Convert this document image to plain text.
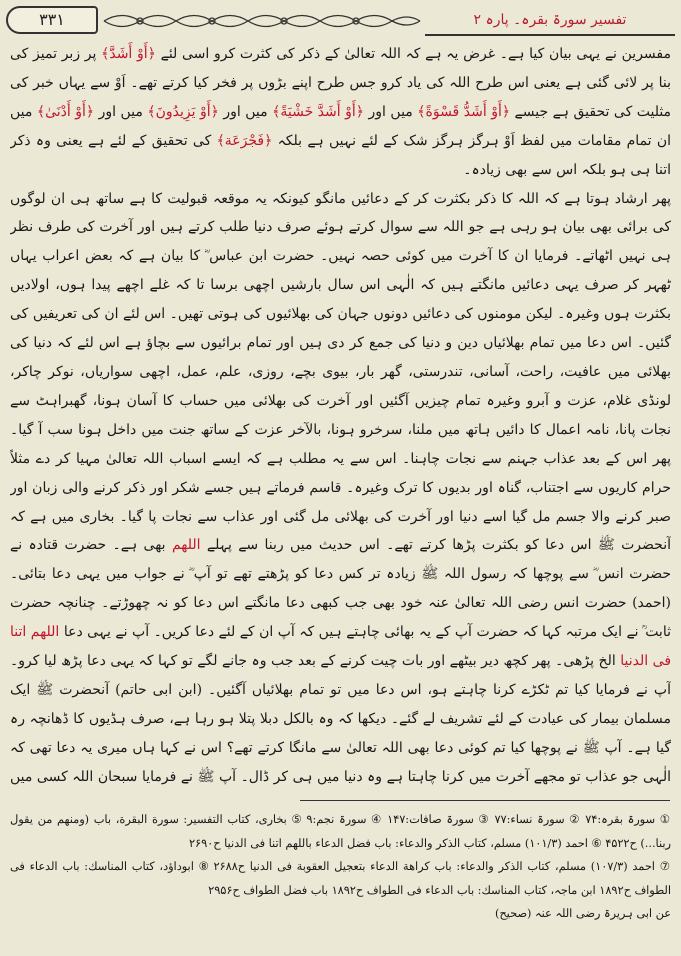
۳۳۱	تفسیر سورۃ بقرہ۔ پارہ ۲

مفسرین نے یہی بیان کیا ہے۔ غرض یہ ہے کہ اللہ تعالیٰ کے ذکر کی کثرت کرو اسی لئے ﴿أَوْ أَشَدَّ﴾ پر زبر تمیز کی بنا پر لائی گئی ہے یعنی اس طرح اللہ کی یاد کرو جس طرح اپنے بڑوں پر فخر کیا کرتے تھے۔ اَوْ سے یہاں خبر کی مثلیت کی تحقیق ہے جیسے ﴿أَوْ أَشَدُّ قَسْوَةً﴾ میں اور ﴿أَوْ أَشَدَّ خَشْيَةً﴾ میں اور ﴿أَوْ يَزِيدُونَ﴾ میں اور ﴿أَوْ أَدْنَىٰ﴾ میں ان تمام مقامات میں لفظ اَوْ ہرگز ہرگز شک کے لئے نہیں ہے بلکہ ﴿فَجْرَعَة﴾ کی تحقیق کے لئے ہے یعنی وہ ذکر اتنا ہی ہو بلکہ اس سے بھی زیادہ۔

پھر ارشاد ہوتا ہے کہ اللہ کا ذکر بکثرت کر کے دعائیں مانگو کیونکہ یہ موقعہ قبولیت کا ہے ساتھ ہی ان لوگوں کی برائی بھی بیان ہو رہی ہے جو اللہ سے سوال کرتے ہوئے صرف دنیا طلب کرتے ہیں اور آخرت کی طرف نظر ہی نہیں اٹھاتے۔ فرمایا ان کا آخرت میں کوئی حصہ نہیں۔ حضرت ابن عباس ؓ کا بیان ہے کہ بعض اعراب یہاں ٹھہر کر صرف یہی دعائیں مانگتے ہیں کہ الٰہی اس سال بارشیں اچھی برسا تا کہ غلے اچھے پیدا ہوں، اولادیں بکثرت ہوں وغیرہ۔ لیکن مومنوں کی دعائیں دونوں جہان کی بھلائیوں کی ہوتی تھیں۔ اس لئے ان کی تعریفیں کی گئیں۔ اس دعا میں تمام بھلائیاں دین و دنیا کی جمع کر دی ہیں اور تمام برائیوں سے بچاؤ ہے اس لئے کہ دنیا کی بھلائی میں عافیت، راحت، آسانی، تندرستی، گھر بار، بیوی بچے، روزی، علم، عمل، اچھی سواریاں، نوکر چاکر، لونڈی غلام، عزت و آبرو وغیرہ تمام چیزیں آگئیں اور آخرت کی بھلائی میں حساب کا آسان ہونا، گھبراہٹ سے نجات پانا، نامہ اعمال کا دائیں ہاتھ میں ملنا، سرخرو ہونا، بالآخر عزت کے ساتھ جنت میں داخل ہونا سب آ گیا۔ پھر اس کے بعد عذاب جہنم سے نجات چاہنا۔ اس سے یہ مطلب ہے کہ ایسے اسباب اللہ تعالیٰ مہیا کر دے مثلاً حرام کاریوں سے اجتناب، گناہ اور بدیوں کا ترک وغیرہ۔ قاسم فرماتے ہیں جسے شکر اور ذکر کرنے والی زبان اور صبر کرنے والا جسم مل گیا اسے دنیا اور آخرت کی بھلائی مل گئی اور عذاب سے نجات پا گیا۔ بخاری میں ہے کہ آنحضرت ﷺ اس دعا کو بکثرت پڑھا کرتے تھے۔ اس حدیث میں ربنا سے پہلے اللھم بھی ہے۔ حضرت قتادہ نے حضرت انس ؓ سے پوچھا کہ رسول اللہ ﷺ زیادہ تر کس دعا کو پڑھتے تھے تو آپ ؓ نے جواب میں یہی دعا بتائی۔ (احمد) حضرت انس رضی اللہ تعالیٰ عنہ خود بھی جب کبھی دعا مانگتے اس دعا کو نہ چھوڑتے۔ چنانچہ حضرت ثابت ؒ نے ایک مرتبہ کہا کہ حضرت آپ کے یہ بھائی چاہتے ہیں کہ آپ ان کے لئے دعا کریں۔ آپ نے یہی دعا اللھم اتنا فی الدنیا الخ پڑھی۔ پھر کچھ دیر بیٹھے اور بات چیت کرنے کے بعد جب وہ جانے لگے تو کہا کہ یہی دعا پڑھ لیا کرو۔ آپ نے فرمایا کیا تم ٹکڑے کرنا چاہتے ہو، اس دعا میں تو تمام بھلائیاں آگئیں۔ (ابن ابی حاتم) آنحضرت ﷺ ایک مسلمان بیمار کی عیادت کے لئے تشریف لے گئے۔ دیکھا کہ وہ بالکل دبلا پتلا ہو رہا ہے، صرف ہڈیوں کا ڈھانچہ رہ گیا ہے۔ آپ ﷺ نے پوچھا کیا تم کوئی دعا بھی اللہ تعالیٰ سے مانگا کرتے تھے؟ اس نے کہا ہاں میری یہ دعا تھی کہ الٰہی جو عذاب تو مجھے آخرت میں کرنا چاہتا ہے وہ دنیا میں ہی کر ڈال۔ آپ ﷺ نے فرمایا سبحان اللہ کسی میں

① سورۃ بقرہ:۷۴ ② سورۃ نساء:۷۷ ③ سورۃ صافات:۱۴۷ ④ سورۃ نجم:۹ ⑤ بخاری، کتاب التفسیر: سورة البقرة، باب (ومنهم من يقول ربنا...) ح۴۵۲۲ ⑥ احمد (۱۰۱/۳) مسلم، کتاب الذکر والدعاء: باب فضل الدعاء باللهم اتنا فى الدنيا ح۲۶۹۰

⑦ احمد (۱۰۷/۳) مسلم، کتاب الذکر والدعاء: باب کراهة الدعاء بتعجیل العقوبة فی الدنیا ح۲۶۸۸ ⑧ ابوداؤد، کتاب المناسك: باب الدعاء فی الطواف ح۱۸۹۲ ابن ماجہ، کتاب المناسك: باب الدعاء فی الطواف ح۱۸۹۲ باب فضل الطواف ح۲۹۵۶

عن ابی ہریرۃ رضی اللہ عنہ (صحیح)
